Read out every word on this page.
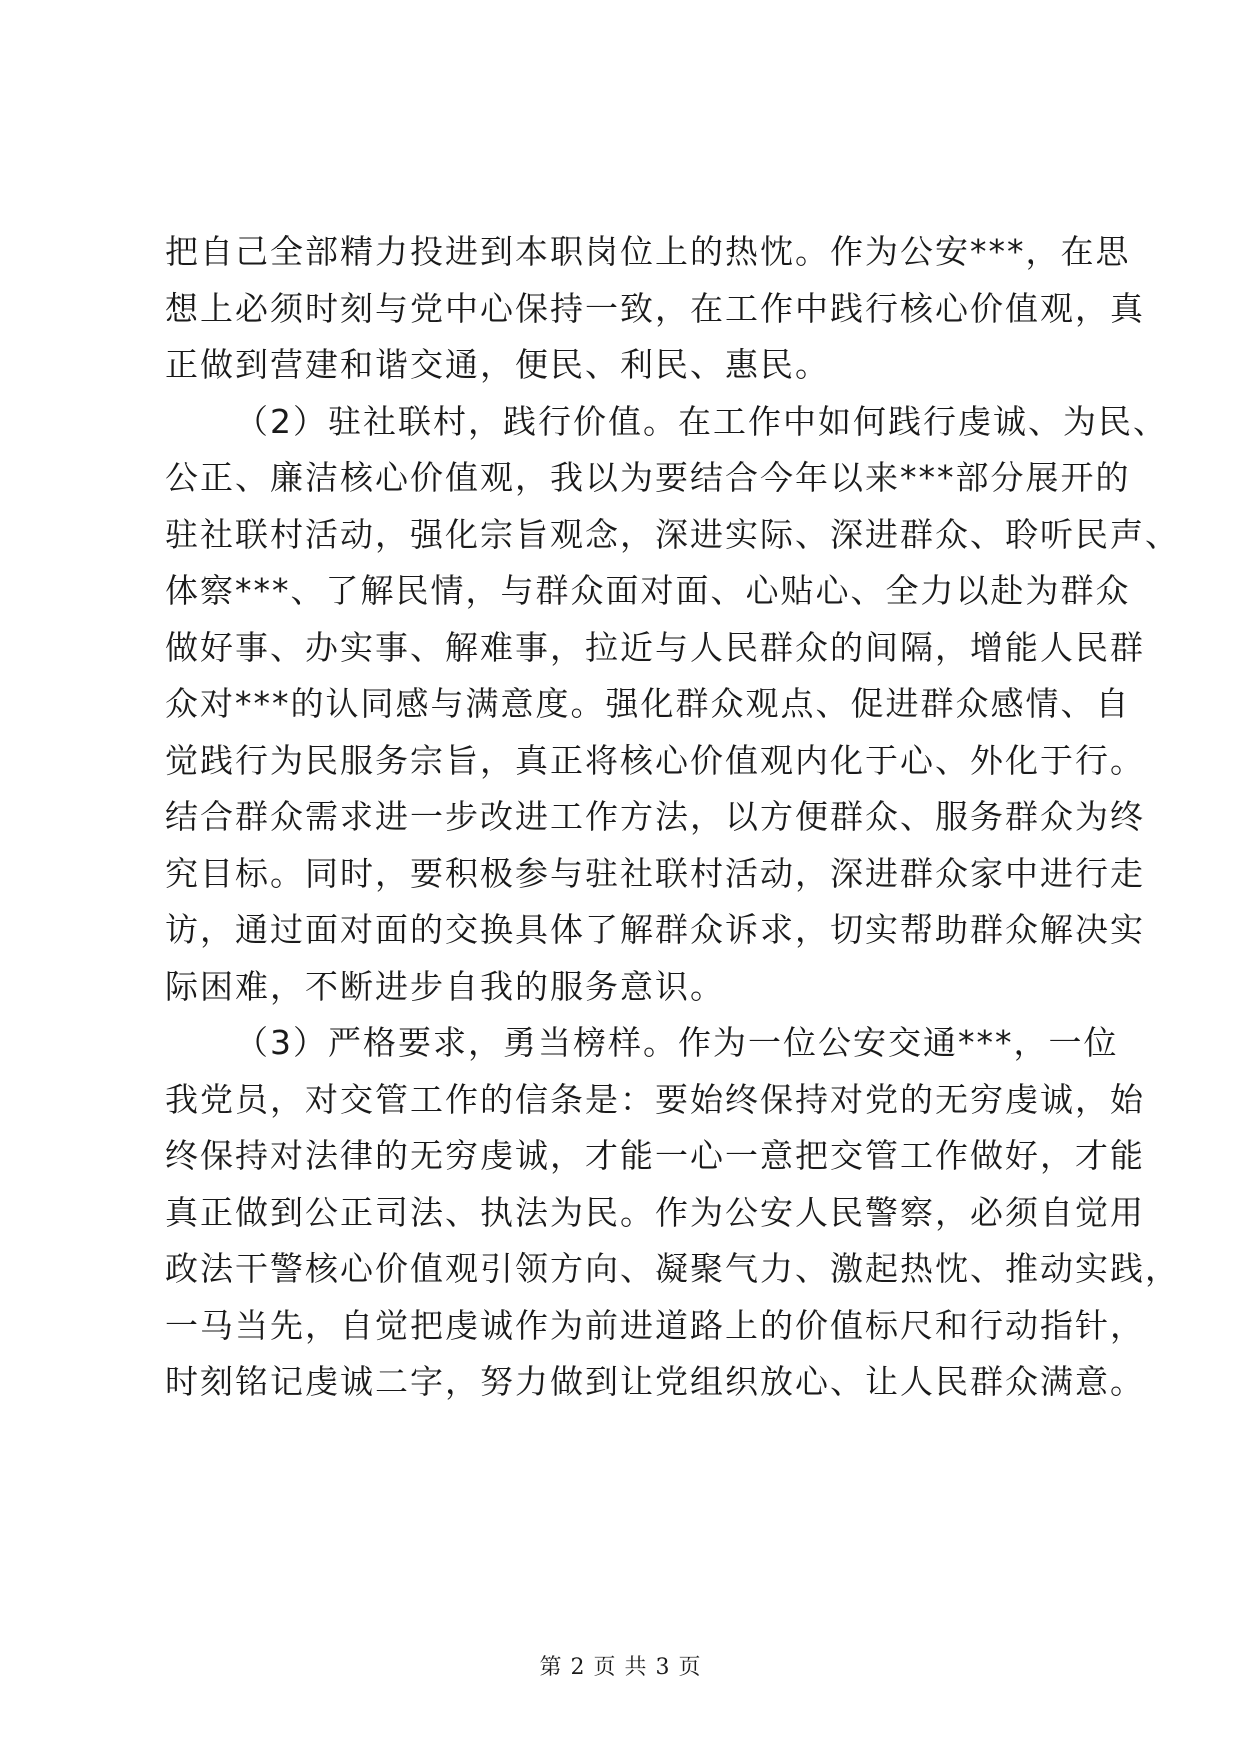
把自己全部精力投进到本职岗位上的热忱。作为公安***，在思
想上必须时刻与党中心保持一致，在工作中践行核心价值观，真
正做到营建和谐交通，便民、利民、惠民。
（2）驻社联村，践行价值。在工作中如何践行虔诚、为民、
公正、廉洁核心价值观，我以为要结合今年以来***部分展开的
驻社联村活动，强化宗旨观念，深进实际、深进群众、聆听民声、
体察***、了解民情，与群众面对面、心贴心、全力以赴为群众
做好事、办实事、解难事，拉近与人民群众的间隔，增能人民群
众对***的认同感与满意度。强化群众观点、促进群众感情、自
觉践行为民服务宗旨，真正将核心价值观内化于心、外化于行。
结合群众需求进一步改进工作方法，以方便群众、服务群众为终
究目标。同时，要积极参与驻社联村活动，深进群众家中进行走
访，通过面对面的交换具体了解群众诉求，切实帮助群众解决实
际困难，不断进步自我的服务意识。
（3）严格要求，勇当榜样。作为一位公安交通***，一位
我党员，对交管工作的信条是：要始终保持对党的无穷虔诚，始
终保持对法律的无穷虔诚，才能一心一意把交管工作做好，才能
真正做到公正司法、执法为民。作为公安人民警察，必须自觉用
政法干警核心价值观引领方向、凝聚气力、激起热忱、推动实践，
一马当先，自觉把虔诚作为前进道路上的价值标尺和行动指针，
时刻铭记虔诚二字，努力做到让党组织放心、让人民群众满意。
第 2 页 共 3 页
